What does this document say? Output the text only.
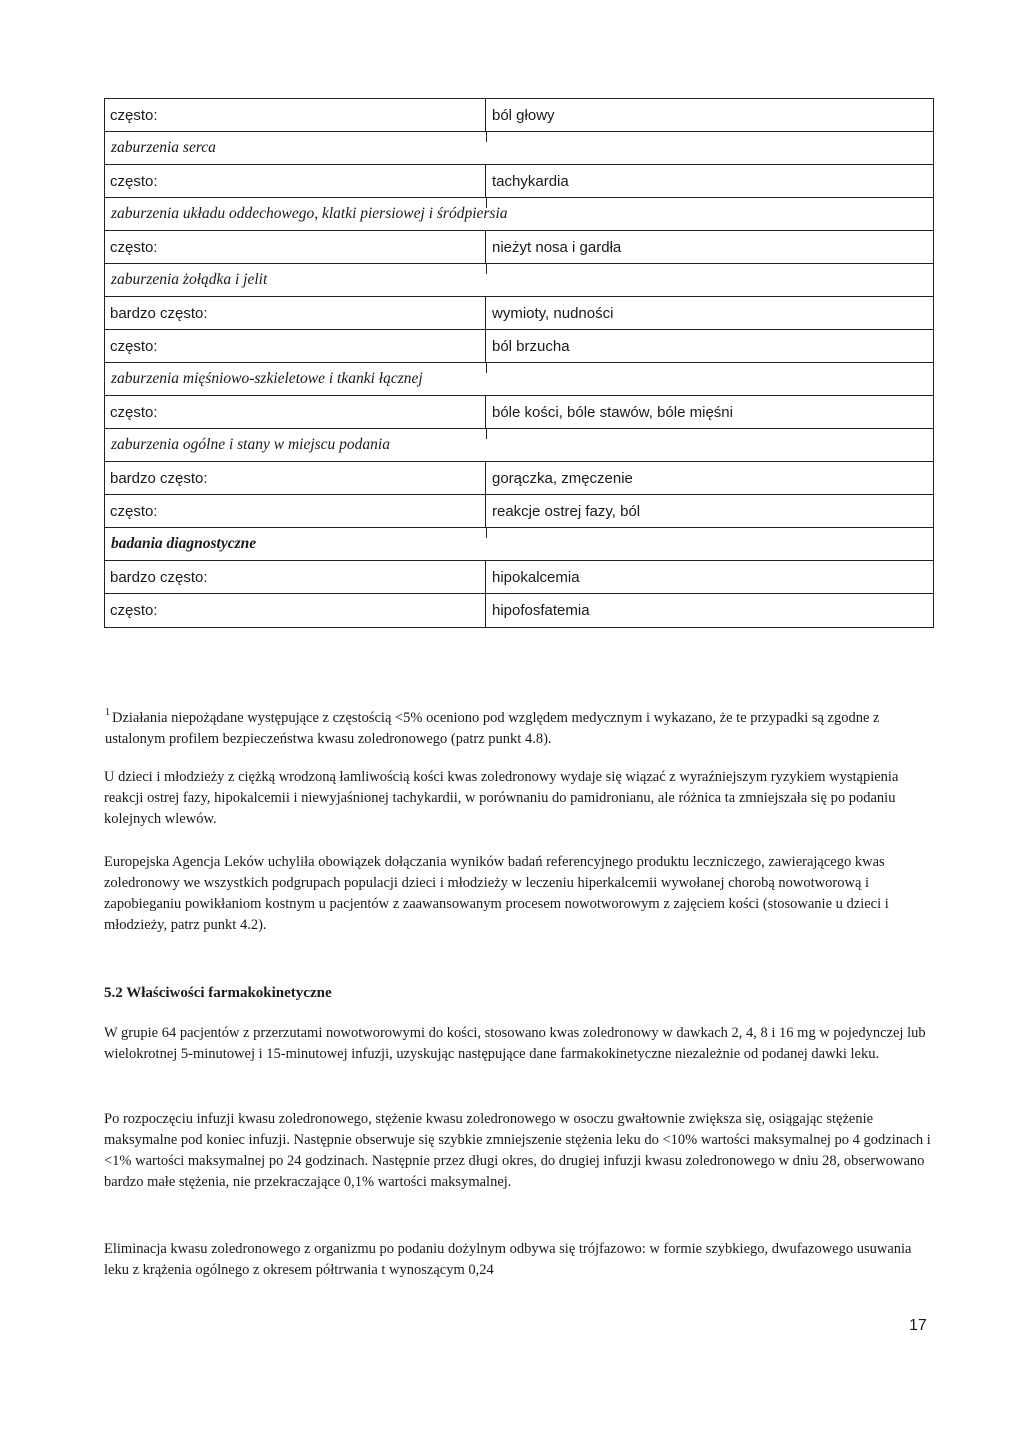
często:	ból głowy
zaburzenia serca
często:	tachykardia
zaburzenia układu oddechowego, klatki piersiowej i śródpiersia
często:	nieżyt nosa i gardła
zaburzenia żołądka i jelit
bardzo często:	wymioty, nudności
często:	ból brzucha
zaburzenia mięśniowo-szkieletowe i tkanki łącznej
często:	bóle kości, bóle stawów, bóle mięśni
zaburzenia ogólne i stany w miejscu podania
bardzo często:	gorączka, zmęczenie
często:	reakcje ostrej fazy, ból
badania diagnostyczne
bardzo często:	hipokalcemia
często:	hipofosfatemia

$^1$ Działania niepożądane występujące z częstością <5% oceniono pod względem medycznym i wykazano, że te przypadki są zgodne z ustalonym profilem bezpieczeństwa kwasu zoledronowego (patrz punkt 4.8).

U dzieci i młodzieży z ciężką wrodzoną łamliwością kości kwas zoledronowy wydaje się wiązać z wyraźniejszym ryzykiem wystąpienia reakcji ostrej fazy, hipokalcemii i niewyjaśnionej tachykardii, w porównaniu do pamidronianu, ale różnica ta zmniejszała się po podaniu kolejnych wlewów.

Europejska Agencja Leków uchyliła obowiązek dołączania wyników badań referencyjnego produktu leczniczego, zawierającego kwas zoledronowy we wszystkich podgrupach populacji dzieci i młodzieży w leczeniu hiperkalcemii wywołanej chorobą nowotworową i zapobieganiu powikłaniom kostnym u pacjentów z zaawansowanym procesem nowotworowym z zajęciem kości (stosowanie u dzieci i młodzieży, patrz punkt 4.2).

5.2 Właściwości farmakokinetyczne

W grupie 64 pacjentów z przerzutami nowotworowymi do kości, stosowano kwas zoledronowy w dawkach 2, 4, 8 i 16 mg w pojedynczej lub wielokrotnej 5-minutowej i 15-minutowej infuzji, uzyskując następujące dane farmakokinetyczne niezależnie od podanej dawki leku.

Po rozpoczęciu infuzji kwasu zoledronowego, stężenie kwasu zoledronowego w osoczu gwałtownie zwiększa się, osiągając stężenie maksymalne pod koniec infuzji. Następnie obserwuje się szybkie zmniejszenie stężenia leku do <10% wartości maksymalnej po 4 godzinach i <1% wartości maksymalnej po 24 godzinach. Następnie przez długi okres, do drugiej infuzji kwasu zoledronowego w dniu 28, obserwowano bardzo małe stężenia, nie przekraczające 0,1% wartości maksymalnej.

Eliminacja kwasu zoledronowego z organizmu po podaniu dożylnym odbywa się trójfazowo: w formie szybkiego, dwufazowego usuwania leku z krążenia ogólnego z okresem półtrwania t wynoszącym 0,24

17
